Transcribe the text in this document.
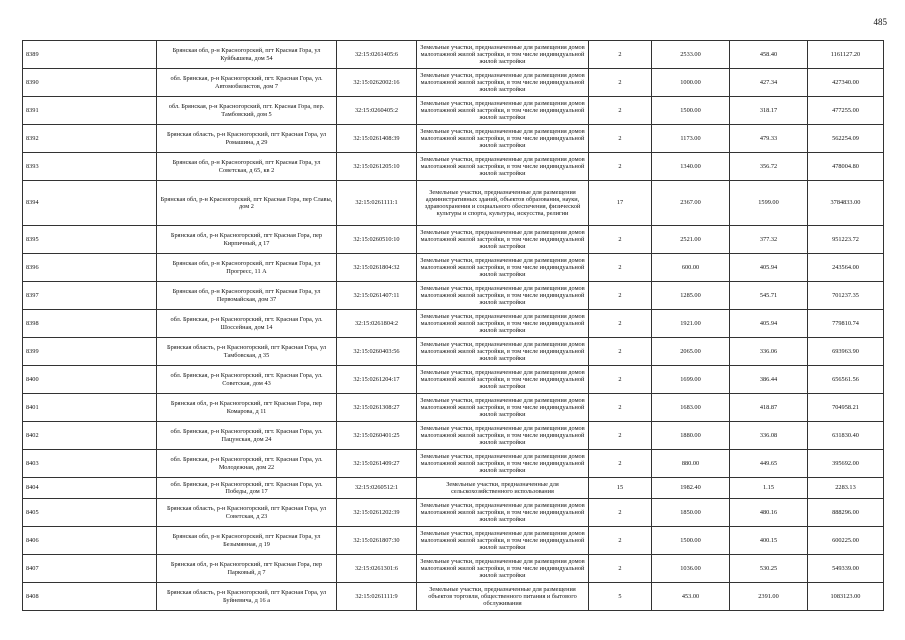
485
8389	Брянская обл, р-н Красногорский, пгт Красная Гора, ул Куйбышева, дом 54	32:15:0261405:6	Земельные участки, предназначенные для размещения домов малоэтажной жилой застройки, в том числе индивидуальной жилой застройки	2	2533.00	458.40	1161127.20
8390	обл. Брянская, р-н Красногорский, пгт. Красная Гора, ул. Автомобилистов, дом 7	32:15:0262002:16	Земельные участки, предназначенные для размещения домов малоэтажной жилой застройки, в том числе индивидуальной жилой застройки	2	1000.00	427.34	427340.00
8391	обл. Брянская, р-н Красногорский, пгт. Красная Гора, пер. Тамбовский, дом 5	32:15:0260405:2	Земельные участки, предназначенные для размещения домов малоэтажной жилой застройки, в том числе индивидуальной жилой застройки	2	1500.00	318.17	477255.00
8392	Брянская область, р-н Красногорский, пгт Красная Гора, ул Ромашина, д 29	32:15:0261408:39	Земельные участки, предназначенные для размещения домов малоэтажной жилой застройки, в том числе индивидуальной жилой застройки	2	1173.00	479.33	562254.09
8393	Брянская обл, р-н Красногорский, пгт Красная Гора, ул Советская, д 65, кв 2	32:15:0261205:10	Земельные участки, предназначенные для размещения домов малоэтажной жилой застройки, в том числе индивидуальной жилой застройки	2	1340.00	356.72	478004.80
8394	Брянская обл, р-н Красногорский, пгт Красная Гора, пер Славы, дом 2	32:15:0261111:1	Земельные участки, предназначенные для размещения административных зданий, объектов образования, науки, здравоохранения и социального обеспечения, физической культуры и спорта, культуры, искусства, религии	17	2367.00	1599.00	3784833.00
8395	Брянская обл, р-н Красногорский, пгт Красная Гора, пер Кирпичный, д 17	32:15:0260510:10	Земельные участки, предназначенные для размещения домов малоэтажной жилой застройки, в том числе индивидуальной жилой застройки	2	2521.00	377.32	951223.72
8396	Брянская обл, р-н Красногорский, пгт Красная Гора, ул Прогресс, 11 А	32:15:0261804:32	Земельные участки, предназначенные для размещения домов малоэтажной жилой застройки, в том числе индивидуальной жилой застройки	2	600.00	405.94	243564.00
8397	Брянская обл, р-н Красногорский, пгт Красная Гора, ул Первомайская, дом 37	32:15:0261407:11	Земельные участки, предназначенные для размещения домов малоэтажной жилой застройки, в том числе индивидуальной жилой застройки	2	1285.00	545.71	701237.35
8398	обл. Брянская, р-н Красногорский, пгт. Красная Гора, ул. Шоссейная, дом 14	32:15:0261804:2	Земельные участки, предназначенные для размещения домов малоэтажной жилой застройки, в том числе индивидуальной жилой застройки	2	1921.00	405.94	779810.74
8399	Брянская область, р-н Красногорский, пгт Красная Гора, ул Тамбовская, д 35	32:15:0260403:56	Земельные участки, предназначенные для размещения домов малоэтажной жилой застройки, в том числе индивидуальной жилой застройки	2	2065.00	336.06	693963.90
8400	обл. Брянская, р-н Красногорский, пгт. Красная Гора, ул. Советская, дом 43	32:15:0261204:17	Земельные участки, предназначенные для размещения домов малоэтажной жилой застройки, в том числе индивидуальной жилой застройки	2	1699.00	386.44	656561.56
8401	Брянская обл, р-н Красногорский, пгт Красная Гора, пер Комарова, д 11	32:15:0261308:27	Земельные участки, предназначенные для размещения домов малоэтажной жилой застройки, в том числе индивидуальной жилой застройки	2	1683.00	418.87	704958.21
8402	обл. Брянская, р-н Красногорский, пгт. Красная Гора, ул. Пацунская, дом 24	32:15:0260401:25	Земельные участки, предназначенные для размещения домов малоэтажной жилой застройки, в том числе индивидуальной жилой застройки	2	1880.00	336.08	631830.40
8403	обл. Брянская, р-н Красногорский, пгт. Красная Гора, ул. Молодежная, дом 22	32:15:0261409:27	Земельные участки, предназначенные для размещения домов малоэтажной жилой застройки, в том числе индивидуальной жилой застройки	2	880.00	449.65	395692.00
8404	обл. Брянская, р-н Красногорский, пгт. Красная Гора, ул. Победы, дом 17	32:15:0260512:1	Земельные участки, предназначенные для сельскохозяйственного использования	15	1982.40	1.15	2283.13
8405	Брянская область, р-н Красногорский, пгт Красная Гора, ул Советская, д 23	32:15:0261202:39	Земельные участки, предназначенные для размещения домов малоэтажной жилой застройки, в том числе индивидуальной жилой застройки	2	1850.00	480.16	888296.00
8406	Брянская обл, р-н Красногорский, пгт Красная Гора, ул Безымянная, д 19	32:15:0261807:30	Земельные участки, предназначенные для размещения домов малоэтажной жилой застройки, в том числе индивидуальной жилой застройки	2	1500.00	400.15	600225.00
8407	Брянская обл, р-н Красногорский, пгт Красная Гора, пер Парковый, д 7	32:15:0261301:6	Земельные участки, предназначенные для размещения домов малоэтажной жилой застройки, в том числе индивидуальной жилой застройки	2	1036.00	530.25	549339.00
8408	Брянская область, р-н Красногорский, пгт Красная Гора, ул Буйневича, д 16 а	32:15:0261111:9	Земельные участки, предназначенные для размещения объектов торговли, общественного питания и бытового обслуживания	5	453.00	2391.00	1083123.00
